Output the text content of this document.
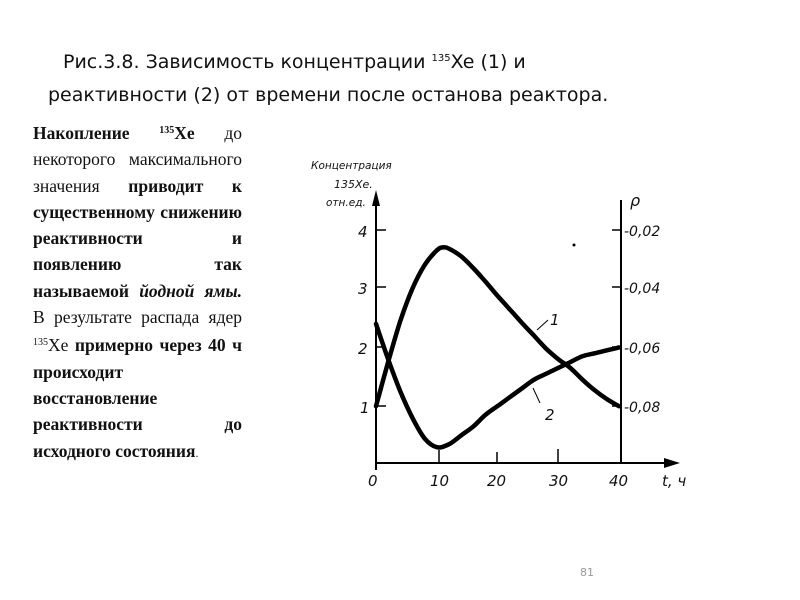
Рис.3.8. Зависимость концентрации $^{135}$Xe (1) и
реактивности (2) от времени после останова реактора.
Накопление $^{135}$Xe до некоторого максимального значения приводит к существенному снижению реактивности и появлению так называемой йодной ямы. В результате распада ядер $^{135}$Xe примерно через 40 ч происходит восстановление реактивности до исходного состояния.
4
3
2
1
Концентрация
135Xe.
отн.ед.	ρ
-0,02
-0,04
-0,06
-0,08
0	10	20	30	40 t, ч
1
2
81
